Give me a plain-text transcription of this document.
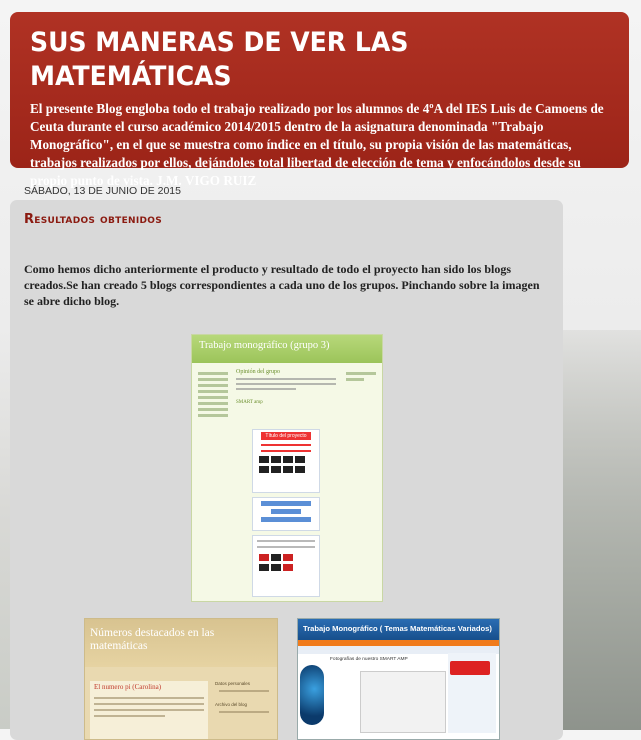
SUS MANERAS DE VER LAS MATEMÁTICAS

El presente Blog engloba todo el trabajo realizado por los alumnos de 4ºA del IES Luis de Camoens de Ceuta durante el curso académico 2014/2015 dentro de la asignatura denominada "Trabajo Monográfico", en el que se muestra como índice en el título, su propia visión de las matemáticas, trabajos realizados por ellos, dejándoles total libertad de elección de tema y enfocándolos desde su propio punto de vista. J.M. VIGO RUIZ

SÁBADO, 13 DE JUNIO DE 2015
Resultados obtenidos

Como hemos dicho anteriormente el producto y resultado de todo el proyecto han sido los blogs creados.Se han creado 5 blogs correspondientes a cada uno de los grupos. Pinchando sobre la imagen se abre dicho blog.

Trabajo monográfico (grupo 3)
Opinión del grupo
SMART amp
Título del proyecto
Números destacados en las matemáticas
El numero pi (Carolina)	Datos personales
Archivo del blog
Trabajo Monográfico ( Temas Matemáticas Variados)
Fotografías de nuestro SMART AMP
